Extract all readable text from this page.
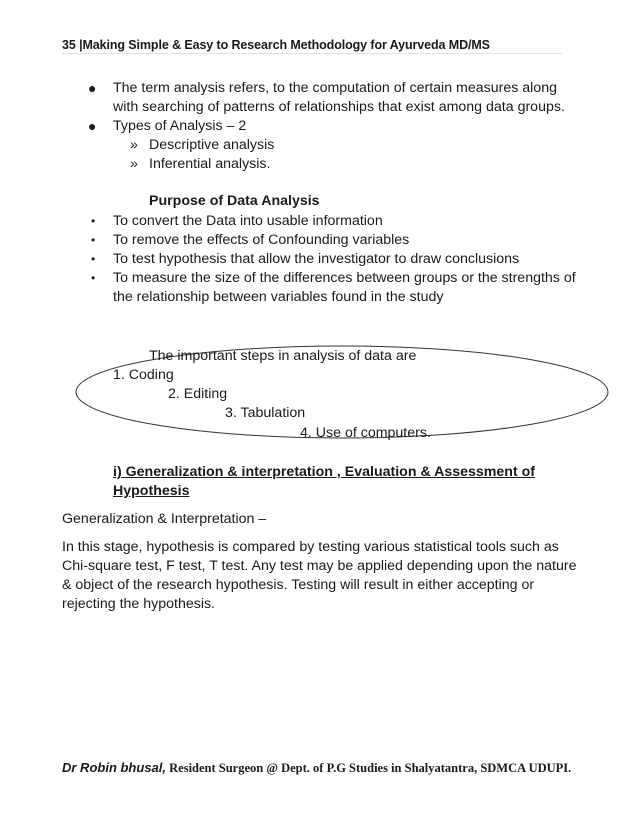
35 |Making Simple & Easy to Research Methodology for Ayurveda MD/MS
● The term analysis refers, to the computation of certain measures along
with searching of patterns of relationships that exist among data groups.
● Types of Analysis – 2
» Descriptive analysis
» Inferential analysis.
Purpose of Data Analysis
• To convert the Data into usable information
• To remove the effects of Confounding variables
• To test hypothesis that allow the investigator to draw conclusions
• To measure the size of the differences between groups or the strengths of
the relationship between variables found in the study
The important steps in analysis of data are
1. Coding
2. Editing
3. Tabulation
4. Use of computers.
i) Generalization & interpretation , Evaluation & Assessment of
Hypothesis
Generalization & Interpretation –
In this stage, hypothesis is compared by testing various statistical tools such as
Chi-square test, F test, T test. Any test may be applied depending upon the nature
& object of the research hypothesis. Testing will result in either accepting or
rejecting the hypothesis.
Dr Robin bhusal, Resident Surgeon @ Dept. of P.G Studies in Shalyatantra, SDMCA UDUPI.
